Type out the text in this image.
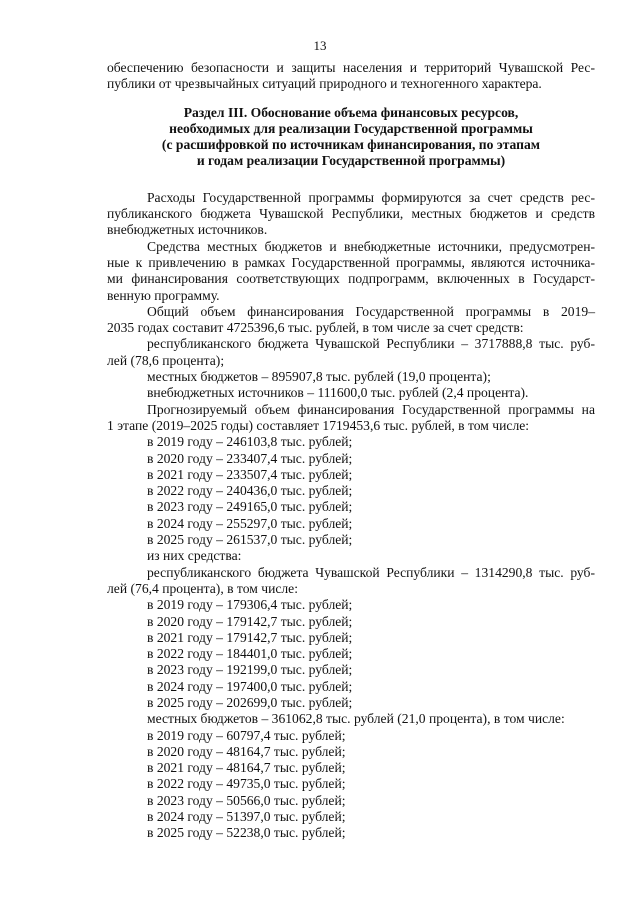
13
обеспечению безопасности и защиты населения и территорий Чувашской Рес-
публики от чрезвычайных ситуаций природного и техногенного характера.
Раздел III. Обоснование объема финансовых ресурсов,
необходимых для реализации Государственной программы
(с расшифровкой по источникам финансирования, по этапам
и годам реализации Государственной программы)
Расходы Государственной программы формируются за счет средств рес-
публиканского бюджета Чувашской Республики, местных бюджетов и средств
внебюджетных источников.
Средства местных бюджетов и внебюджетные источники, предусмотрен-
ные к привлечению в рамках Государственной программы, являются источника-
ми финансирования соответствующих подпрограмм, включенных в Государст-
венную программу.
Общий объем финансирования Государственной программы в 2019–
2035 годах составит 4725396,6 тыс. рублей, в том числе за счет средств:
республиканского бюджета Чувашской Республики – 3717888,8 тыс. руб-
лей (78,6 процента);
местных бюджетов – 895907,8 тыс. рублей (19,0 процента);
внебюджетных источников – 111600,0 тыс. рублей (2,4 процента).
Прогнозируемый объем финансирования Государственной программы на
1 этапе (2019–2025 годы) составляет 1719453,6 тыс. рублей, в том числе:
в 2019 году – 246103,8 тыс. рублей;
в 2020 году – 233407,4 тыс. рублей;
в 2021 году – 233507,4 тыс. рублей;
в 2022 году – 240436,0 тыс. рублей;
в 2023 году – 249165,0 тыс. рублей;
в 2024 году – 255297,0 тыс. рублей;
в 2025 году – 261537,0 тыс. рублей;
из них средства:
республиканского бюджета Чувашской Республики – 1314290,8 тыс. руб-
лей (76,4 процента), в том числе:
в 2019 году – 179306,4 тыс. рублей;
в 2020 году – 179142,7 тыс. рублей;
в 2021 году – 179142,7 тыс. рублей;
в 2022 году – 184401,0 тыс. рублей;
в 2023 году – 192199,0 тыс. рублей;
в 2024 году – 197400,0 тыс. рублей;
в 2025 году – 202699,0 тыс. рублей;
местных бюджетов – 361062,8 тыс. рублей (21,0 процента), в том числе:
в 2019 году – 60797,4 тыс. рублей;
в 2020 году – 48164,7 тыс. рублей;
в 2021 году – 48164,7 тыс. рублей;
в 2022 году – 49735,0 тыс. рублей;
в 2023 году – 50566,0 тыс. рублей;
в 2024 году – 51397,0 тыс. рублей;
в 2025 году – 52238,0 тыс. рублей;
